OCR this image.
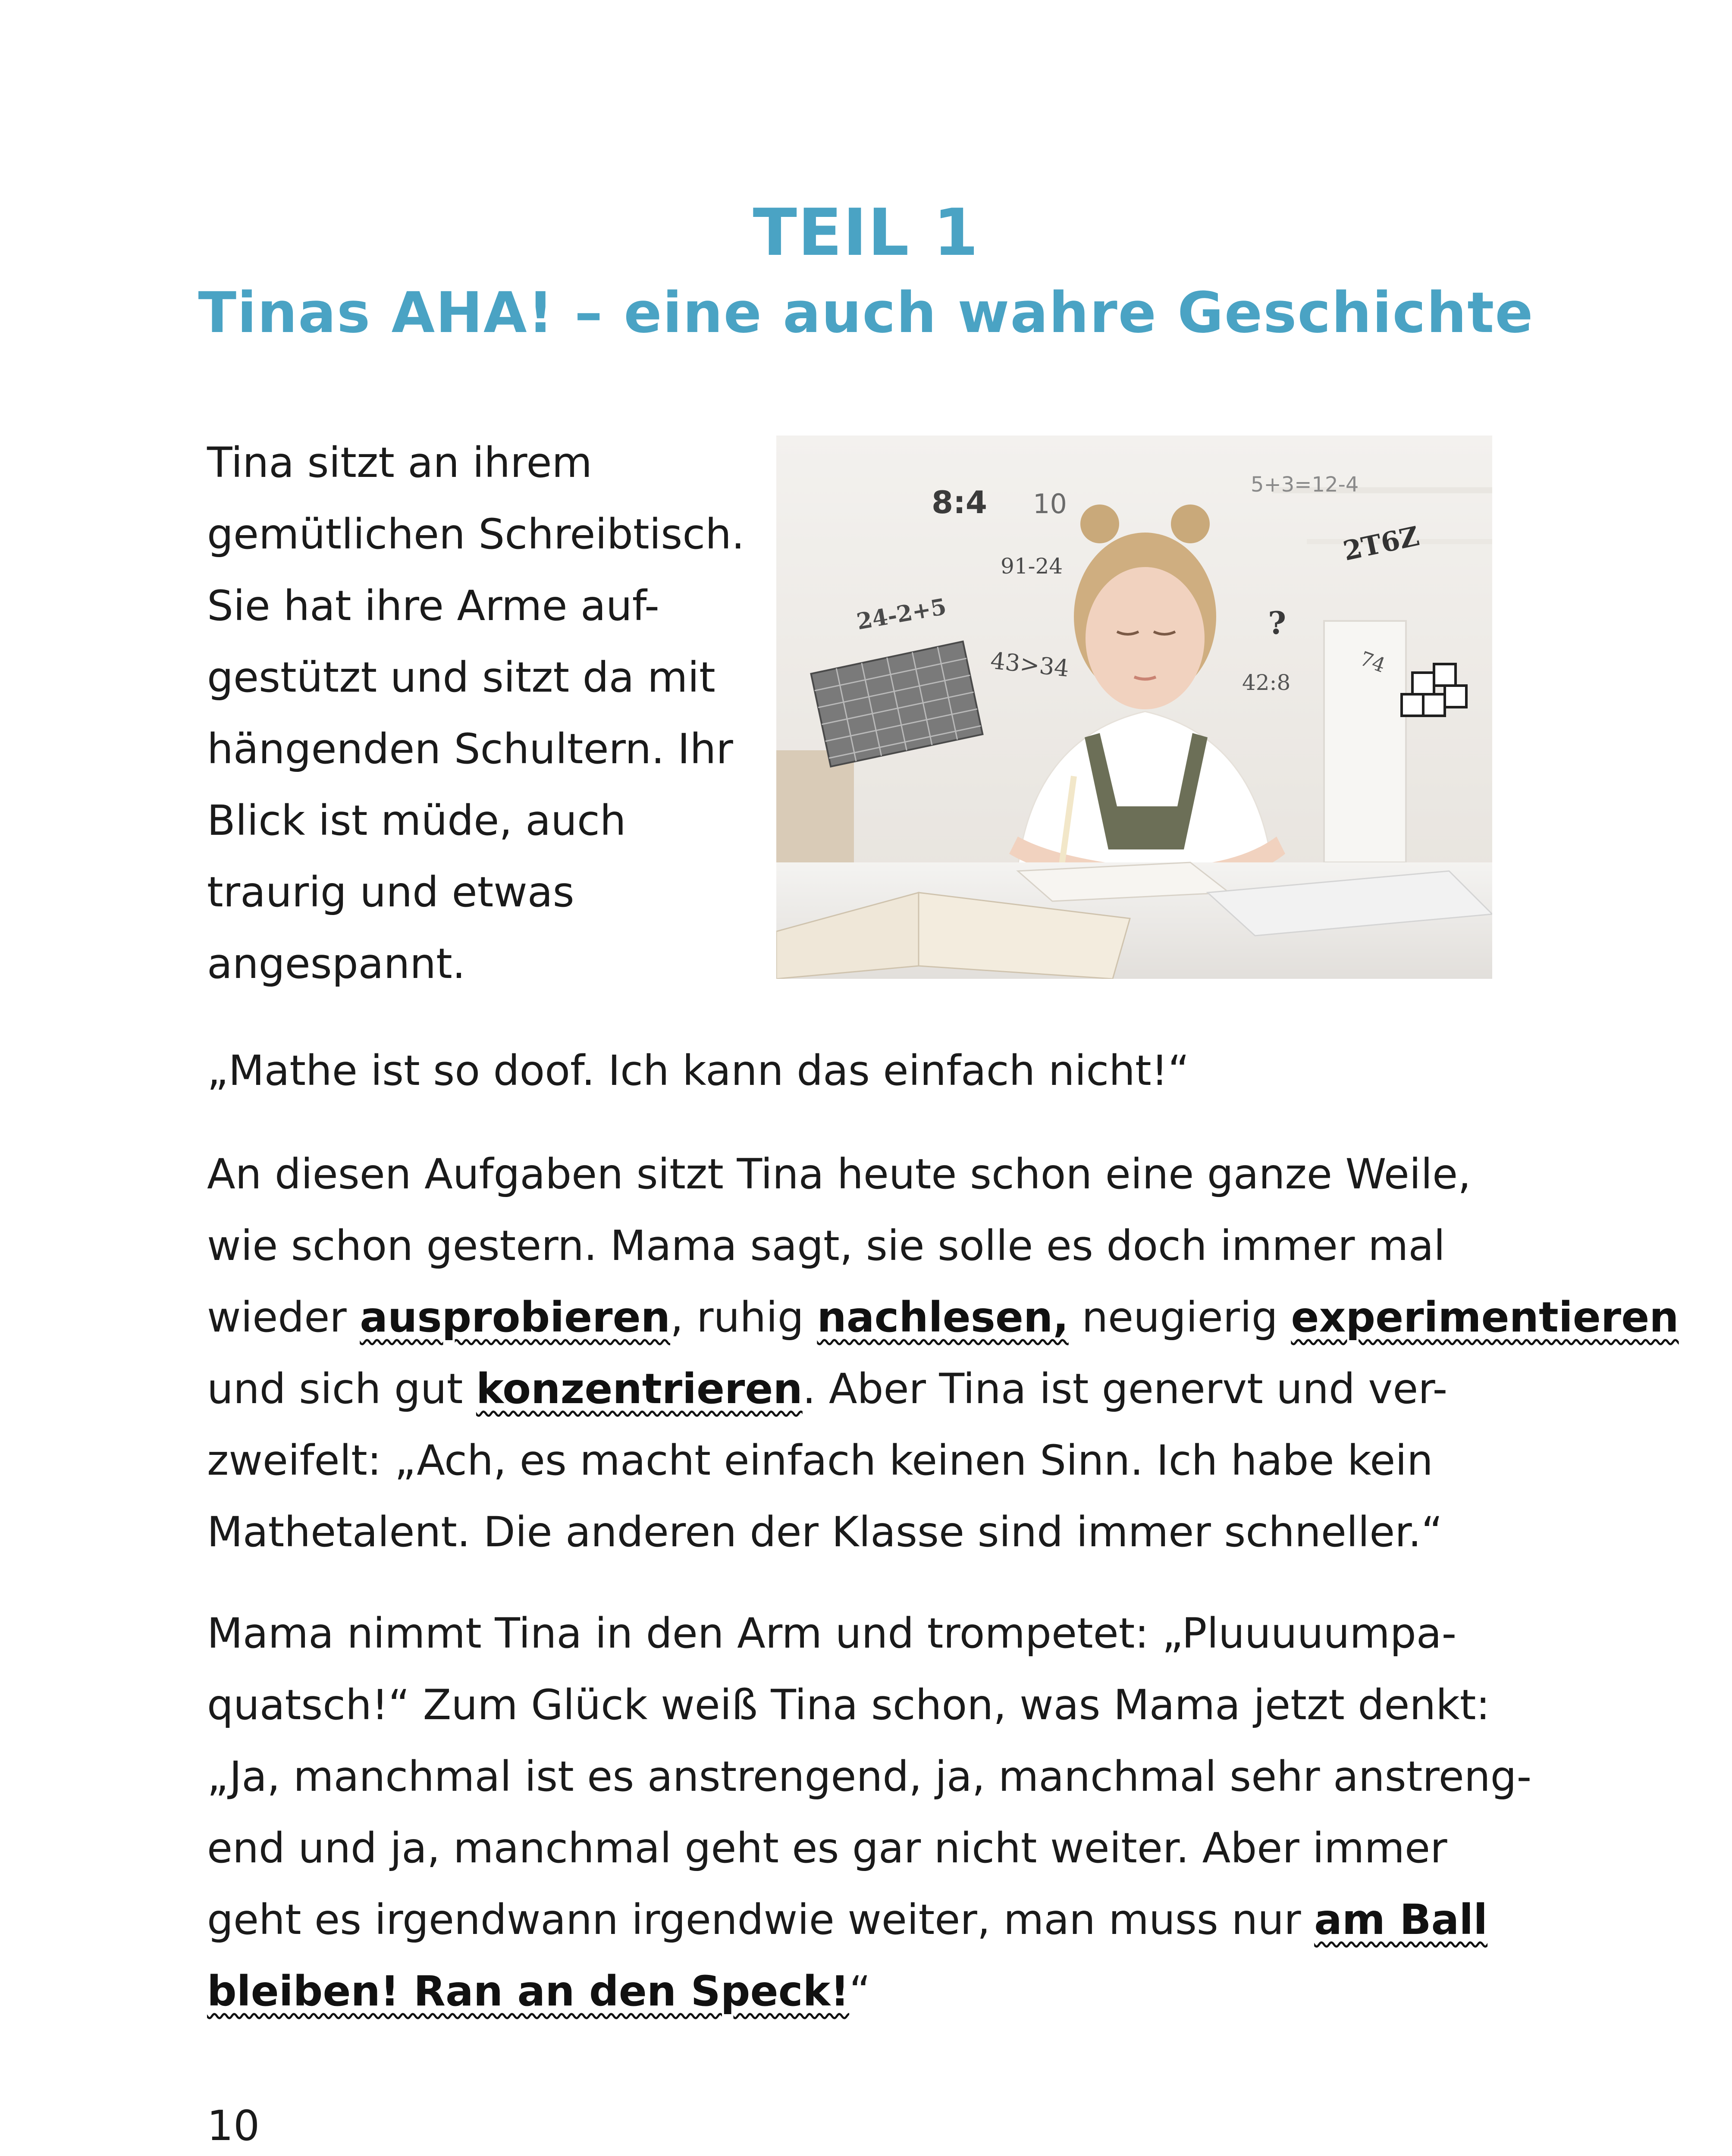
TEIL 1
Tinas AHA! – eine auch wahre Geschichte
Tina sitzt an ihrem
gemütlichen Schreibtisch.
Sie hat ihre Arme auf-
gestützt und sitzt da mit
hängenden Schultern. Ihr
Blick ist müde, auch
traurig und etwas
angespannt.
8:4 10
5+3=12-4
91-24	2T6Z
24-2+5	?
43>34
42:8
74
„Mathe ist so doof. Ich kann das einfach nicht!“
An diesen Aufgaben sitzt Tina heute schon eine ganze Weile,
wie schon gestern. Mama sagt, sie solle es doch immer mal
wieder ausprobieren, ruhig nachlesen, neugierig experimentieren
und sich gut konzentrieren. Aber Tina ist genervt und ver-
zweifelt: „Ach, es macht einfach keinen Sinn. Ich habe kein
Mathetalent. Die anderen der Klasse sind immer schneller.“
Mama nimmt Tina in den Arm und trompetet: „Pluuuuumpa-
quatsch!“ Zum Glück weiß Tina schon, was Mama jetzt denkt:
„Ja, manchmal ist es anstrengend, ja, manchmal sehr anstreng-
end und ja, manchmal geht es gar nicht weiter. Aber immer
geht es irgendwann irgendwie weiter, man muss nur am Ball
bleiben! Ran an den Speck!“
10
